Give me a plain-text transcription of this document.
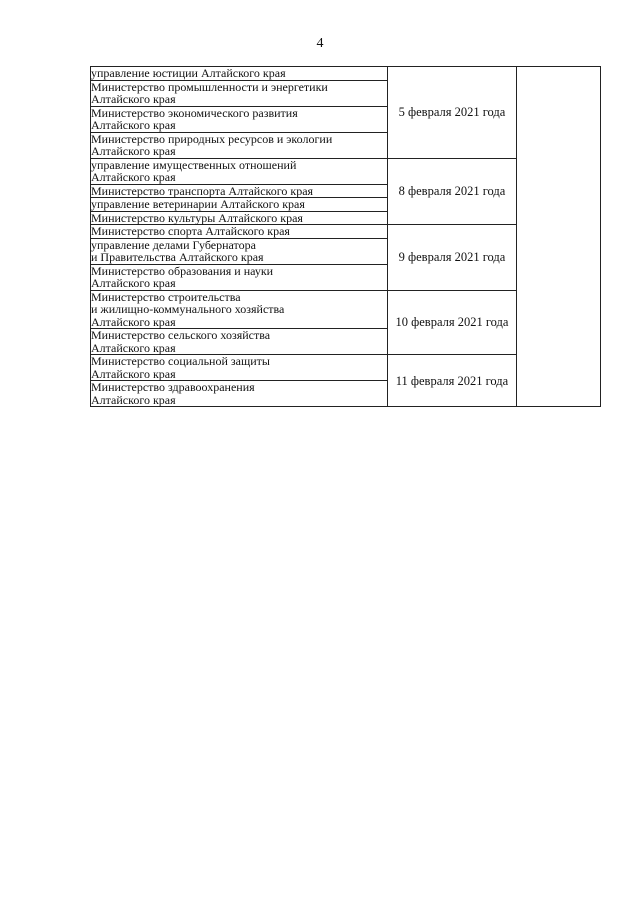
4
управление юстиции Алтайского края	5 февраля 2021 года	

Министерство промышленности и энергетики
Алтайского края		

Министерство экономического развития
Алтайского края		

Министерство природных ресурсов и экологии
Алтайского края		

управление имущественных отношений
Алтайского края	8 февраля 2021 года	

Министерство транспорта Алтайского края		

управление ветеринарии Алтайского края		

Министерство культуры Алтайского края		

Министерство спорта Алтайского края	9 февраля 2021 года	

управление делами Губернатора
и Правительства Алтайского края		

Министерство образования и науки
Алтайского края		

Министерство строительства
и жилищно-коммунального хозяйства
Алтайского края	10 февраля 2021 года	

Министерство сельского хозяйства
Алтайского края		

Министерство социальной защиты
Алтайского края	11 февраля 2021 года	

Министерство здравоохранения
Алтайского края		
